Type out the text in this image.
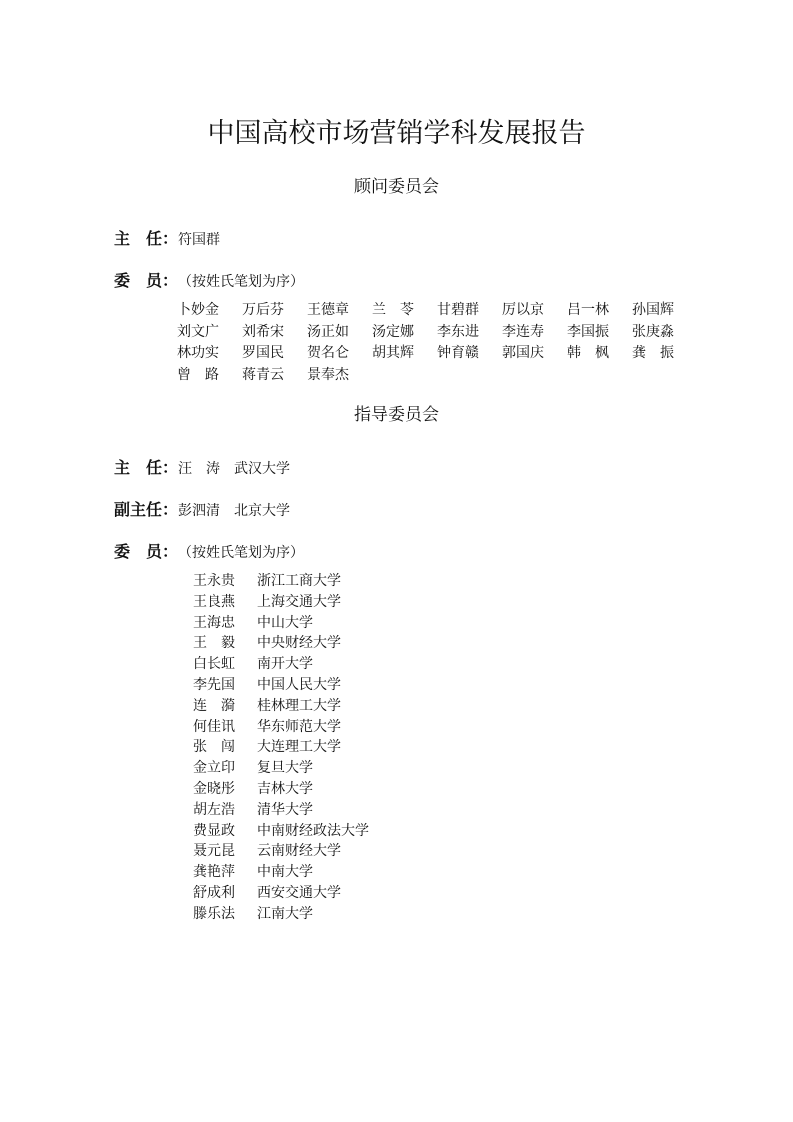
中国高校市场营销学科发展报告
顾问委员会
主　任：符国群
委　员：（按姓氏笔划为序）
卜妙金	万后芬	王德章	兰　苓	甘碧群	厉以京	吕一林	孙国辉
刘文广	刘希宋	汤正如	汤定娜	李东进	李连寿	李国振	张庚淼
林功实	罗国民	贺名仑	胡其辉	钟育赣	郭国庆	韩　枫	龚　振
曾　路	蒋青云	景奉杰
指导委员会
主　任：汪　涛　武汉大学
副主任：彭泗清　北京大学
委　员：（按姓氏笔划为序）
王永贵 浙江工商大学
王良燕 上海交通大学
王海忠 中山大学
王　毅 中央财经大学
白长虹 南开大学
李先国 中国人民大学
连　漪 桂林理工大学
何佳讯 华东师范大学
张　闯 大连理工大学
金立印 复旦大学
金晓彤 吉林大学
胡左浩 清华大学
费显政 中南财经政法大学
聂元昆 云南财经大学
龚艳萍 中南大学
舒成利 西安交通大学
滕乐法 江南大学
